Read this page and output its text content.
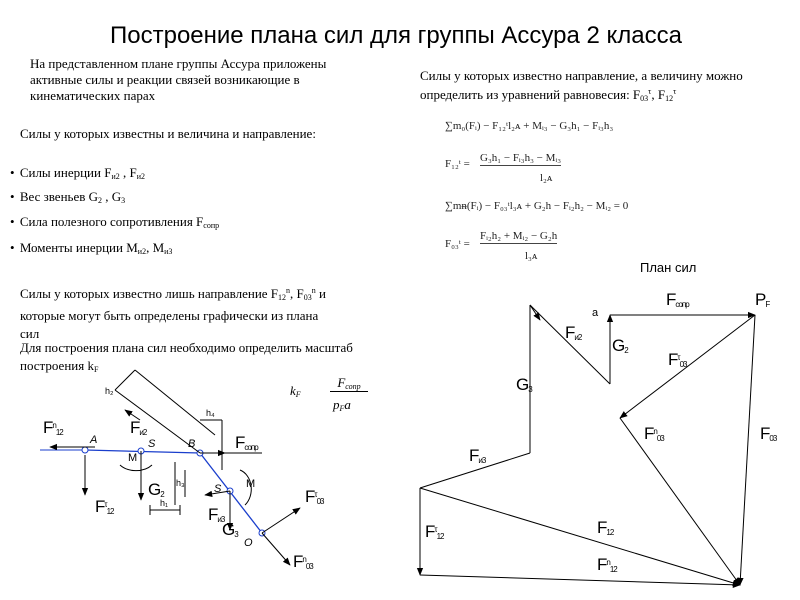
Построение плана сил для группы Ассура 2 класса
На представленном плане группы Ассура приложены активные силы и реакции связей возникающие в кинематических парах
Силы у которых известно направление, а величину можно определить из уравнений равновесия: $F_{03}^\tau$, $F_{12}^\tau$
Силы у которых известны и величина и направление:
• Силы инерции $F_{и2}$ , $F_{и2}$
• Вес звеньев $G_2$ , $G_3$
• Сила полезного сопротивления $F_{сопр}$
• Моменты инерции $М_{и2}$, $М_{и3}$
Силы у которых известно лишь направление $F_{12}^n$, $F_{03}^n$ и
которые могут быть определены графически из плана
сил
Для построения плана сил необходимо определить масштаб
построения $k_F$
∑m₀(Fᵢ) − F₁₂ᵗl₂ᴀ + Mᵢ₃ − G₃h₁ − Fᵢ₃h₃
F₁₂ᵗ = G₃h₁ − Fᵢ₃h₃ − Mᵢ₃
l₂ᴀ
∑mᵰ(Fᵢ) − F₀₃ᵗl₃ᴀ + G₂h − Fᵢ₂h₂ − Mᵢ₂ = 0
F₀₃ᵗ =
Fᵢ₂h₂ + Mᵢ₂ − G₂h
l₃ᴀ
$k_F$
$F_{сопр}$
$p_Fa$
План сил
$F^n_{12}$
$F^\tau_{12}$
$F_{и2}$
$G_2$
$F_{сопр}$
$F_{и3}$
$G_3$
$F^\tau_{03}$
$F^n_{03}$
A	S	B
S
O
M
M
h₁
h₂
h₃
h₄
$F_{сопр}$	$P_F$
a
$F_{и2}$ $G_2$ $F^\tau_{03}$
$G_3$
$F^n_{03}$	$F_{03}$
$F_{и3}$
$F^\tau_{12}$	$F_{12}$
$F^n_{12}$
